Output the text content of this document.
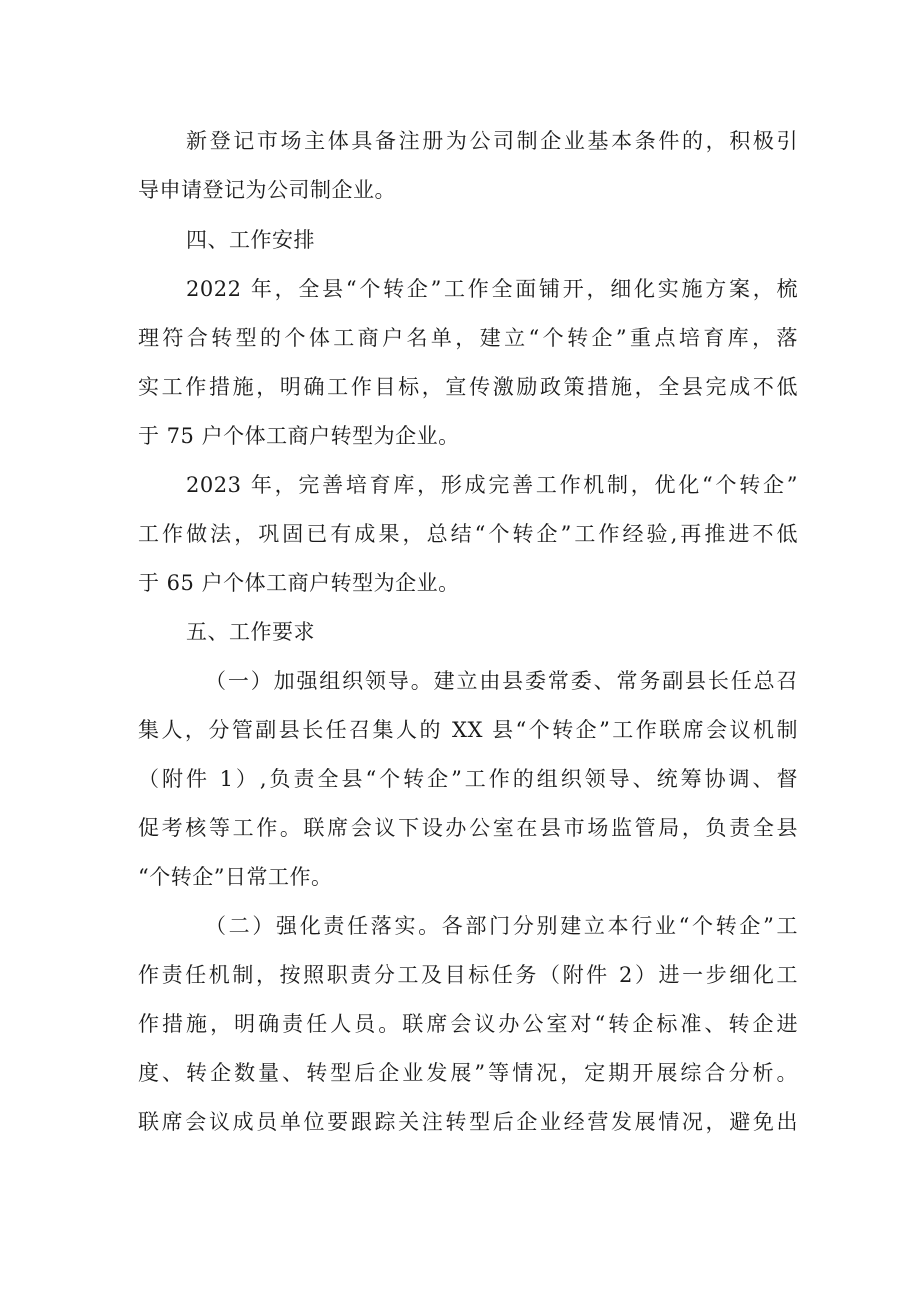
新登记市场主体具备注册为公司制企业基本条件的，积极引
导申请登记为公司制企业。
四、工作安排
2022 年，全县“个转企”工作全面铺开，细化实施方案，梳
理符合转型的个体工商户名单，建立“个转企”重点培育库，落
实工作措施，明确工作目标，宣传激励政策措施，全县完成不低
于 75 户个体工商户转型为企业。
2023 年，完善培育库，形成完善工作机制，优化“个转企”
工作做法，巩固已有成果，总结“个转企”工作经验,再推进不低
于 65 户个体工商户转型为企业。
五、工作要求
（一）加强组织领导。建立由县委常委、常务副县长任总召
集人，分管副县长任召集人的 XX 县“个转企”工作联席会议机制
（附件 1）,负责全县“个转企”工作的组织领导、统筹协调、督
促考核等工作。联席会议下设办公室在县市场监管局，负责全县
“个转企”日常工作。
（二）强化责任落实。各部门分别建立本行业“个转企”工
作责任机制，按照职责分工及目标任务（附件 2）进一步细化工
作措施，明确责任人员。联席会议办公室对“转企标准、转企进
度、转企数量、转型后企业发展”等情况，定期开展综合分析。
联席会议成员单位要跟踪关注转型后企业经营发展情况，避免出
